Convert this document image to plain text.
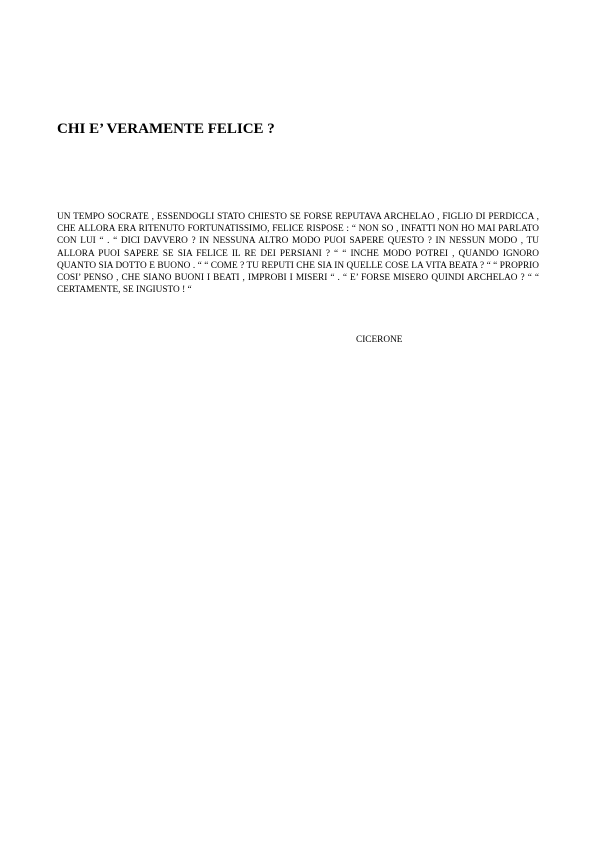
CHI E’ VERAMENTE FELICE ?

UN TEMPO SOCRATE , ESSENDOGLI STATO CHIESTO SE FORSE REPUTAVA ARCHELAO , FIGLIO DI PERDICCA , CHE ALLORA ERA RITENUTO FORTUNATISSIMO, FELICE RISPOSE : “ NON SO , INFATTI NON HO MAI PARLATO CON LUI “ . “ DICI DAVVERO ? IN NESSUNA ALTRO MODO PUOI SAPERE QUESTO ? IN NESSUN MODO , TU ALLORA PUOI SAPERE SE SIA FELICE IL RE DEI PERSIANI ? “ “ INCHE MODO POTREI , QUANDO IGNORO QUANTO SIA DOTTO E BUONO . “ “ COME ? TU REPUTI CHE SIA IN QUELLE COSE LA VITA BEATA ? “ “ PROPRIO COSI’ PENSO , CHE SIANO BUONI I BEATI , IMPROBI I MISERI “ . “ E’ FORSE MISERO QUINDI ARCHELAO ? “ “ CERTAMENTE, SE INGIUSTO ! “

CICERONE
